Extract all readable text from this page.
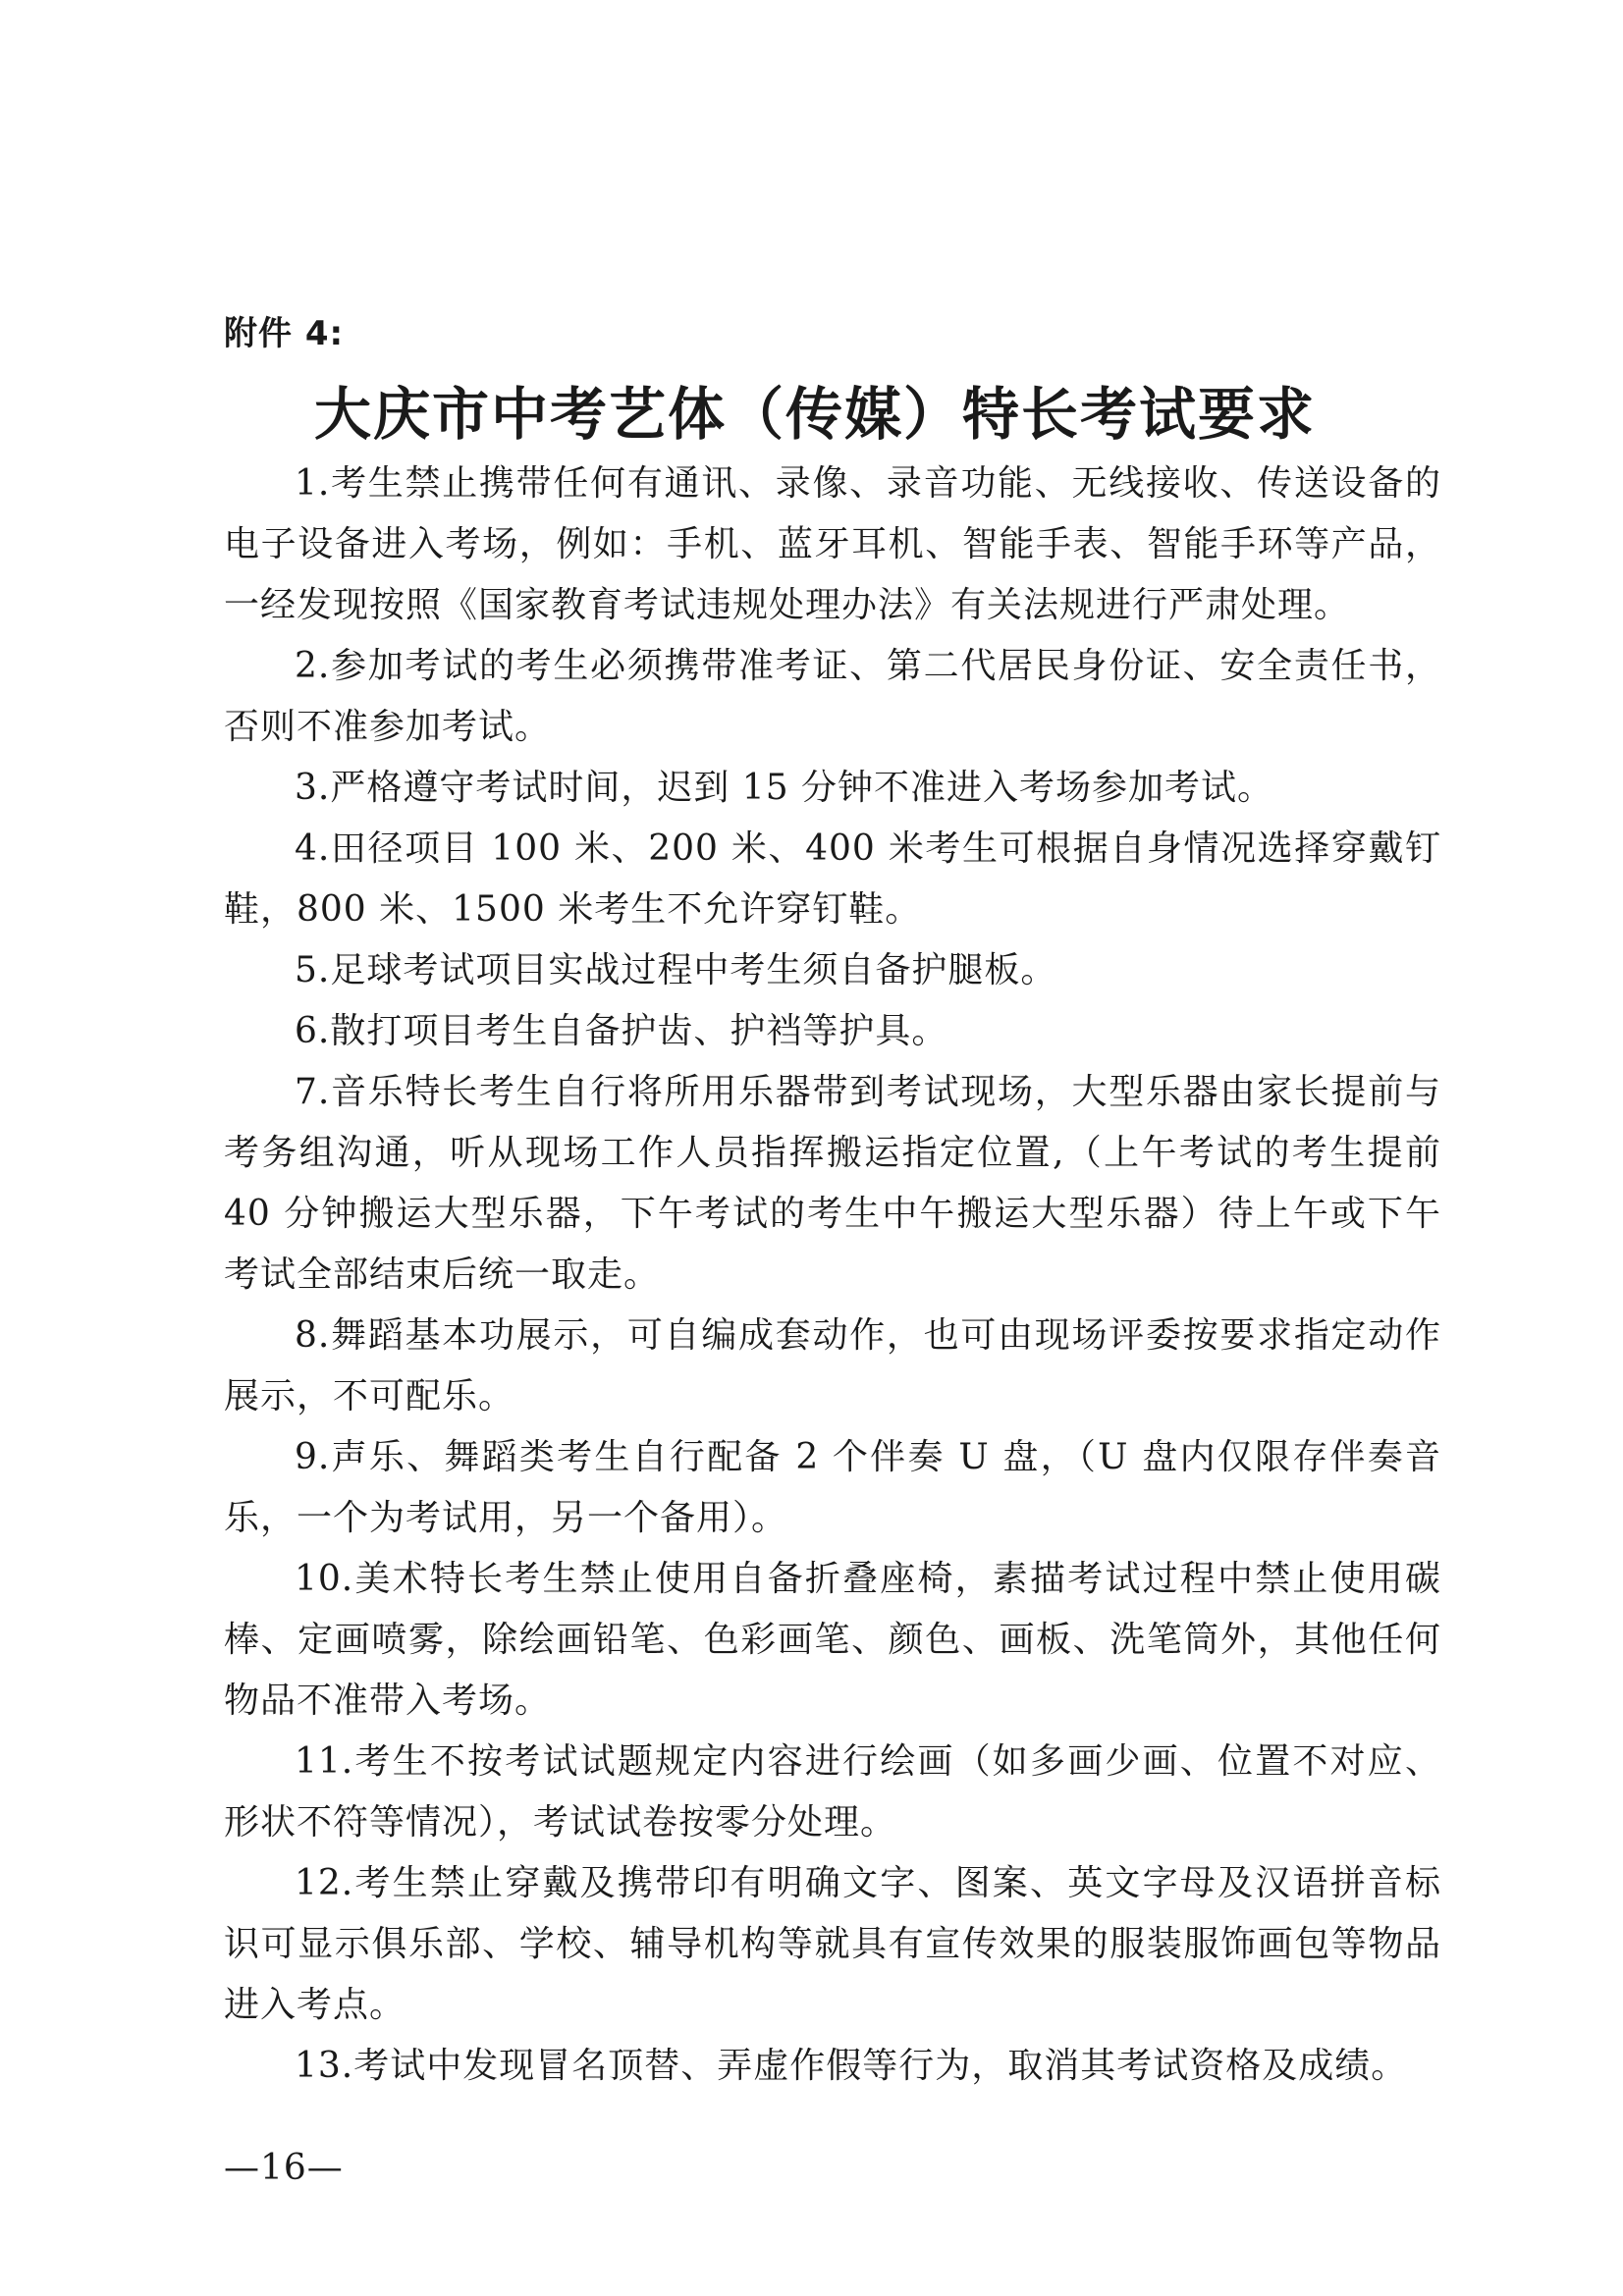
附件 4:
大庆市中考艺体（传媒）特长考试要求

1.考生禁止携带任何有通讯、录像、录音功能、无线接收、传送设备的电子设备进入考场，例如：手机、蓝牙耳机、智能手表、智能手环等产品，一经发现按照《国家教育考试违规处理办法》有关法规进行严肃处理。

2.参加考试的考生必须携带准考证、第二代居民身份证、安全责任书，否则不准参加考试。

3.严格遵守考试时间，迟到 15 分钟不准进入考场参加考试。

4.田径项目 100 米、200 米、400 米考生可根据自身情况选择穿戴钉鞋，800 米、1500 米考生不允许穿钉鞋。

5.足球考试项目实战过程中考生须自备护腿板。

6.散打项目考生自备护齿、护裆等护具。

7.音乐特长考生自行将所用乐器带到考试现场，大型乐器由家长提前与考务组沟通，听从现场工作人员指挥搬运指定位置,（上午考试的考生提前 40 分钟搬运大型乐器，下午考试的考生中午搬运大型乐器）待上午或下午考试全部结束后统一取走。

8.舞蹈基本功展示，可自编成套动作，也可由现场评委按要求指定动作展示，不可配乐。

9.声乐、舞蹈类考生自行配备 2 个伴奏 U 盘，（U 盘内仅限存伴奏音乐，一个为考试用，另一个备用）。

10.美术特长考生禁止使用自备折叠座椅，素描考试过程中禁止使用碳棒、定画喷雾，除绘画铅笔、色彩画笔、颜色、画板、洗笔筒外，其他任何物品不准带入考场。

11.考生不按考试试题规定内容进行绘画（如多画少画、位置不对应、形状不符等情况），考试试卷按零分处理。

12.考生禁止穿戴及携带印有明确文字、图案、英文字母及汉语拼音标识可显示俱乐部、学校、辅导机构等就具有宣传效果的服装服饰画包等物品进入考点。

13.考试中发现冒名顶替、弄虚作假等行为，取消其考试资格及成绩。

—16—
